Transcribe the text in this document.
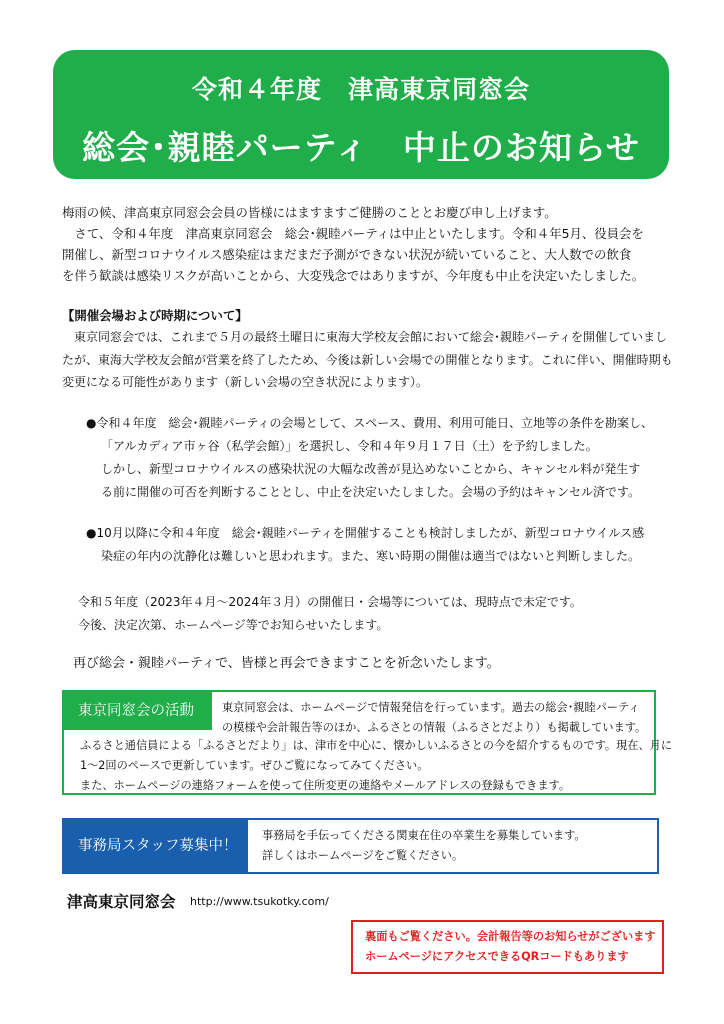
令和４年度　津高東京同窓会
総会･親睦パーティ　中止のお知らせ
梅雨の候、津高東京同窓会会員の皆様にはますますご健勝のこととお慶び申し上げます。
　さて、令和４年度　津高東京同窓会　総会･親睦パーティは中止といたします。令和４年5月、役員会を
開催し、新型コロナウイルス感染症はまだまだ予測ができない状況が続いていること、大人数での飲食
を伴う歓談は感染リスクが高いことから、大変残念ではありますが、今年度も中止を決定いたしました。
【開催会場および時期について】
　東京同窓会では、これまで５月の最終土曜日に東海大学校友会館において総会･親睦パーティを開催していまし
たが、東海大学校友会館が営業を終了したため、今後は新しい会場での開催となります。これに伴い、開催時期も
変更になる可能性があります（新しい会場の空き状況によります）。
●令和４年度　総会･親睦パーティの会場として、スペース、費用、利用可能日、立地等の条件を勘案し、
「アルカディア市ヶ谷（私学会館）」を選択し、令和４年９月１７日（土）を予約しました。
しかし、新型コロナウイルスの感染状況の大幅な改善が見込めないことから、キャンセル料が発生す
る前に開催の可否を判断することとし、中止を決定いたしました。会場の予約はキャンセル済です。
●10月以降に令和４年度　総会･親睦パーティを開催することも検討しましたが、新型コロナウイルス感
染症の年内の沈静化は難しいと思われます。また、寒い時期の開催は適当ではないと判断しました。
令和５年度（2023年４月～2024年３月）の開催日・会場等については、現時点で未定です。
今後、決定次第、ホームページ等でお知らせいたします。
再び総会・親睦パーティで、皆様と再会できますことを祈念いたします。
東京同窓会の活動	東京同窓会は、ホームページで情報発信を行っています。過去の総会･親睦パーティ
の模様や会計報告等のほか、ふるさとの情報（ふるさとだより）も掲載しています。
ふるさと通信員による「ふるさとだより」は、津市を中心に、懐かしいふるさとの今を紹介するものです。現在、月に
1～2回のペースで更新しています。ぜひご覧になってみてください。
また、ホームページの連絡フォームを使って住所変更の連絡やメールアドレスの登録もできます。
事務局スタッフ募集中！
事務局を手伝ってくださる関東在住の卒業生を募集しています。
詳しくはホームページをご覧ください。
津高東京同窓会 http://www.tsukotky.com/
裏面もご覧ください。会計報告等のお知らせがございます
ホームページにアクセスできるQRコードもあります
